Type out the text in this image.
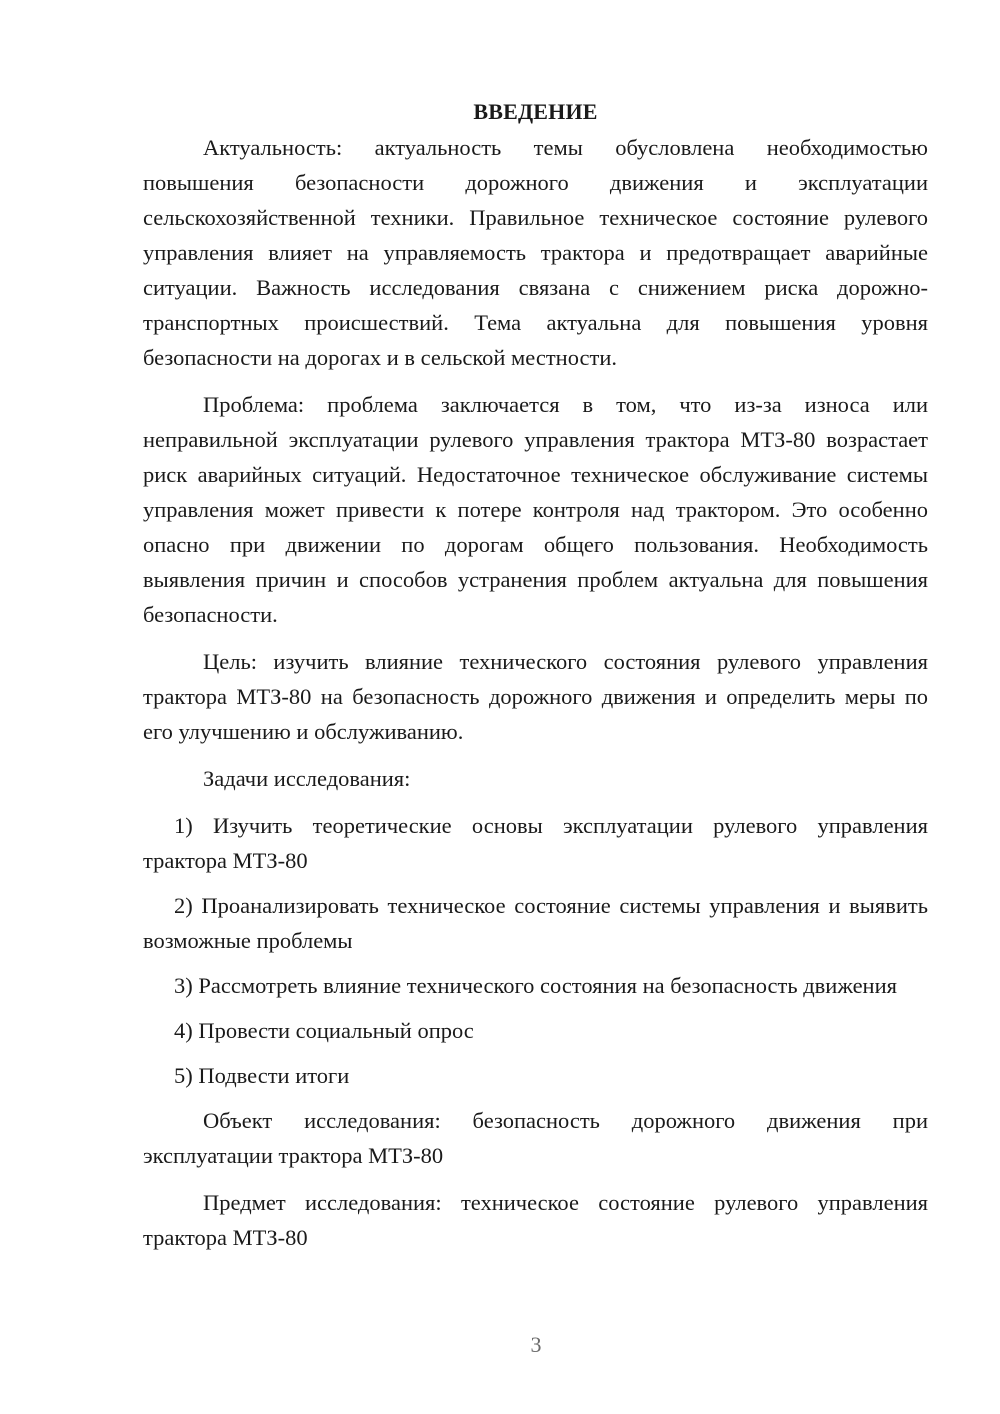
ВВЕДЕНИЕ

Актуальность: актуальность темы обусловлена необходимостью повышения безопасности дорожного движения и эксплуатации сельскохозяйственной техники. Правильное техническое состояние рулевого управления влияет на управляемость трактора и предотвращает аварийные ситуации. Важность исследования связана с снижением риска дорожно-транспортных происшествий. Тема актуальна для повышения уровня безопасности на дорогах и в сельской местности.

Проблема: проблема заключается в том, что из-за износа или неправильной эксплуатации рулевого управления трактора МТЗ-80 возрастает риск аварийных ситуаций. Недостаточное техническое обслуживание системы управления может привести к потере контроля над трактором. Это особенно опасно при движении по дорогам общего пользования. Необходимость выявления причин и способов устранения проблем актуальна для повышения безопасности.

Цель: изучить влияние технического состояния рулевого управления трактора МТЗ-80 на безопасность дорожного движения и определить меры по его улучшению и обслуживанию.

Задачи исследования:

1) Изучить теоретические основы эксплуатации рулевого управления трактора МТЗ-80

2) Проанализировать техническое состояние системы управления и выявить возможные проблемы

3) Рассмотреть влияние технического состояния на безопасность движения

4) Провести социальный опрос

5) Подвести итоги

Объект исследования: безопасность дорожного движения при эксплуатации трактора МТЗ-80

Предмет исследования: техническое состояние рулевого управления трактора МТЗ-80

3
